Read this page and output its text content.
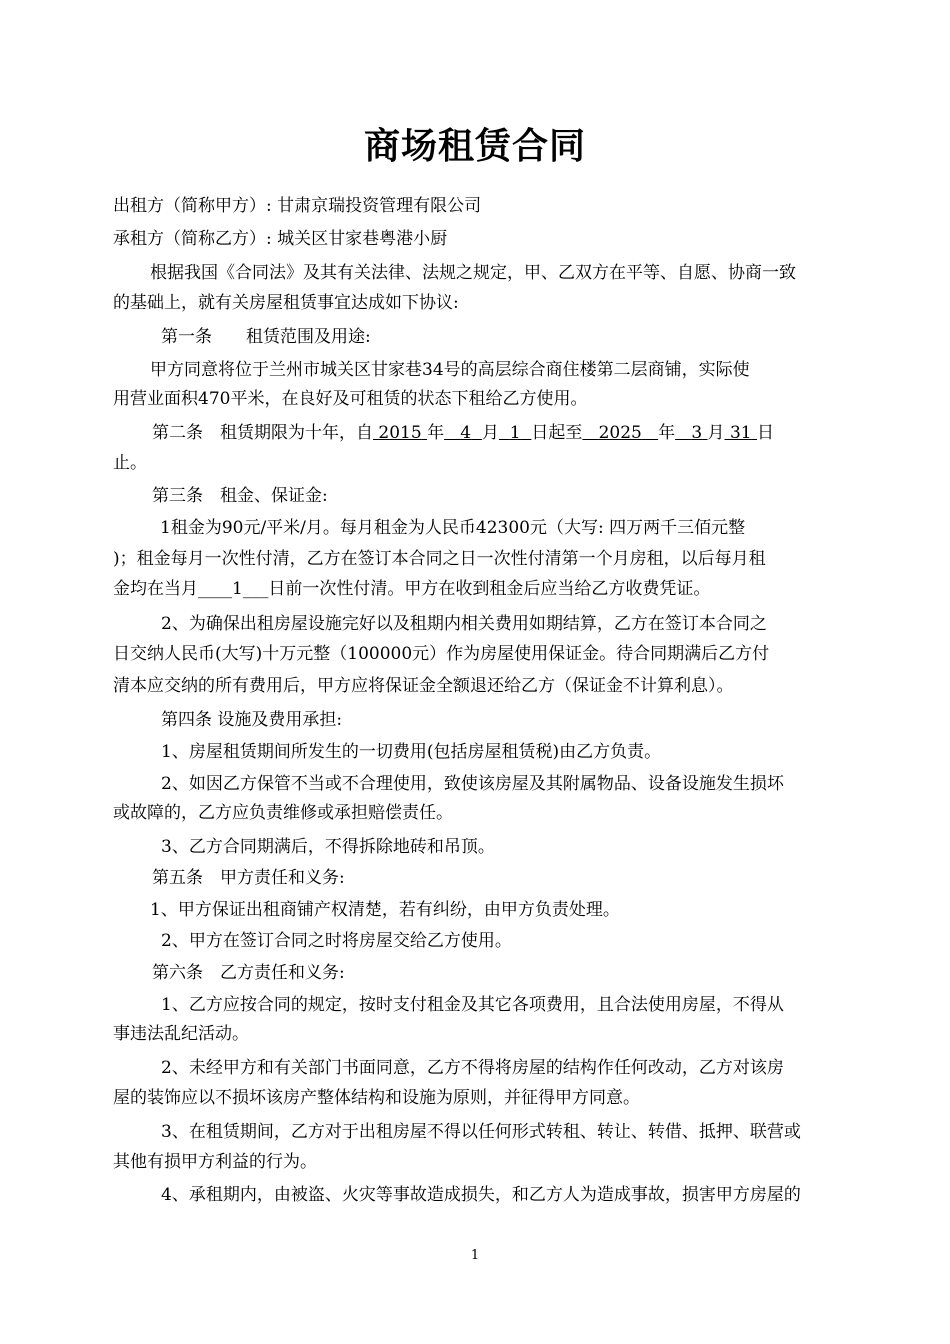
商场租赁合同
出租方（简称甲方）: 甘肃京瑞投资管理有限公司
承租方（简称乙方）: 城关区甘家巷粤港小厨
根据我国《合同法》及其有关法律、法规之规定，甲、乙双方在平等、自愿、协商一致
的基础上，就有关房屋租赁事宜达成如下协议:
第一条　　租赁范围及用途:
甲方同意将位于兰州市城关区甘家巷34号的高层综合商住楼第二层商铺，实际使
用营业面积470平米，在良好及可租赁的状态下租给乙方使用。
第二条　租赁期限为十年，自 2015 年 4 月 1 日起至 2025 年 3 月 31 日
止。
第三条　租金、保证金:
1租金为90元/平米/月。每月租金为人民币42300元（大写: 四万两千三佰元整
)；租金每月一次性付清，乙方在签订本合同之日一次性付清第一个月房租，以后每月租
金均在当月____1___日前一次性付清。甲方在收到租金后应当给乙方收费凭证。
2、为确保出租房屋设施完好以及租期内相关费用如期结算，乙方在签订本合同之
日交纳人民币(大写)十万元整（100000元）作为房屋使用保证金。待合同期满后乙方付
清本应交纳的所有费用后，甲方应将保证金全额退还给乙方（保证金不计算利息）。
第四条 设施及费用承担:
1、房屋租赁期间所发生的一切费用(包括房屋租赁税)由乙方负责。
2、如因乙方保管不当或不合理使用，致使该房屋及其附属物品、设备设施发生损坏
或故障的，乙方应负责维修或承担赔偿责任。
3、乙方合同期满后，不得拆除地砖和吊顶。
第五条　甲方责任和义务:
1、甲方保证出租商铺产权清楚，若有纠纷，由甲方负责处理。
2、甲方在签订合同之时将房屋交给乙方使用。
第六条　乙方责任和义务:
1、乙方应按合同的规定，按时支付租金及其它各项费用，且合法使用房屋，不得从
事违法乱纪活动。
2、未经甲方和有关部门书面同意，乙方不得将房屋的结构作任何改动，乙方对该房
屋的装饰应以不损坏该房产整体结构和设施为原则，并征得甲方同意。
3、在租赁期间，乙方对于出租房屋不得以任何形式转租、转让、转借、抵押、联营或
其他有损甲方利益的行为。
4、承租期内，由被盗、火灾等事故造成损失，和乙方人为造成事故，损害甲方房屋的
1
